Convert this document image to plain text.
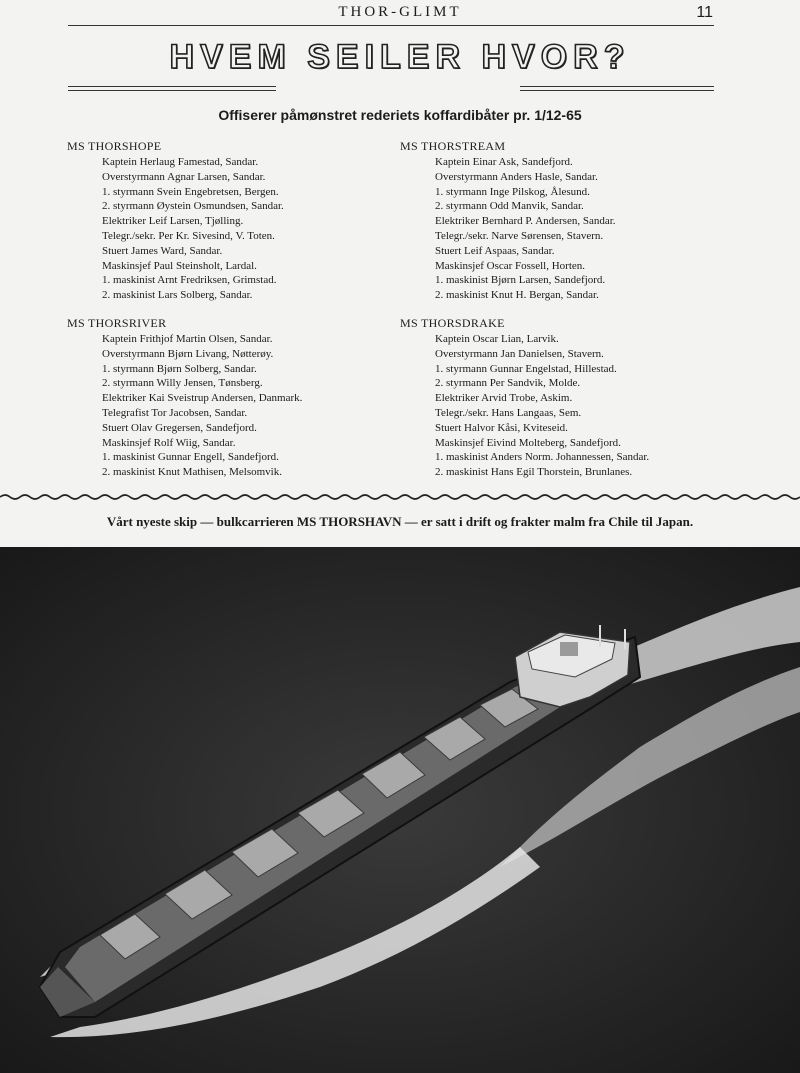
THOR-GLIMT	11
HVEM SEILER HVOR?
Offiserer påmønstret rederiets koffardibåter pr. 1/12-65
MS THORSHOPE
Kaptein Herlaug Famestad, Sandar.
Overstyrmann Agnar Larsen, Sandar.
1. styrmann Svein Engebretsen, Bergen.
2. styrmann Øystein Osmundsen, Sandar.
Elektriker Leif Larsen, Tjølling.
Telegr./sekr. Per Kr. Sivesind, V. Toten.
Stuert James Ward, Sandar.
Maskinsjef Paul Steinsholt, Lardal.
1. maskinist Arnt Fredriksen, Grimstad.
2. maskinist Lars Solberg, Sandar.
MS THORSTREAM
Kaptein Einar Ask, Sandefjord.
Overstyrmann Anders Hasle, Sandar.
1. styrmann Inge Pilskog, Ålesund.
2. styrmann Odd Manvik, Sandar.
Elektriker Bernhard P. Andersen, Sandar.
Telegr./sekr. Narve Sørensen, Stavern.
Stuert Leif Aspaas, Sandar.
Maskinsjef Oscar Fossell, Horten.
1. maskinist Bjørn Larsen, Sandefjord.
2. maskinist Knut H. Bergan, Sandar.
MS THORSRIVER
Kaptein Frithjof Martin Olsen, Sandar.
Overstyrmann Bjørn Livang, Nøtterøy.
1. styrmann Bjørn Solberg, Sandar.
2. styrmann Willy Jensen, Tønsberg.
Elektriker Kai Sveistrup Andersen, Danmark.
Telegrafist Tor Jacobsen, Sandar.
Stuert Olav Gregersen, Sandefjord.
Maskinsjef Rolf Wiig, Sandar.
1. maskinist Gunnar Engell, Sandefjord.
2. maskinist Knut Mathisen, Melsomvik.
MS THORSDRAKE
Kaptein Oscar Lian, Larvik.
Overstyrmann Jan Danielsen, Stavern.
1. styrmann Gunnar Engelstad, Hillestad.
2. styrmann Per Sandvik, Molde.
Elektriker Arvid Trobe, Askim.
Telegr./sekr. Hans Langaas, Sem.
Stuert Halvor Kåsi, Kviteseid.
Maskinsjef Eivind Molteberg, Sandefjord.
1. maskinist Anders Norm. Johannessen, Sandar.
2. maskinist Hans Egil Thorstein, Brunlanes.
Vårt nyeste skip — bulkcarrieren MS THORSHAVN — er satt i drift og frakter malm fra Chile til Japan.
